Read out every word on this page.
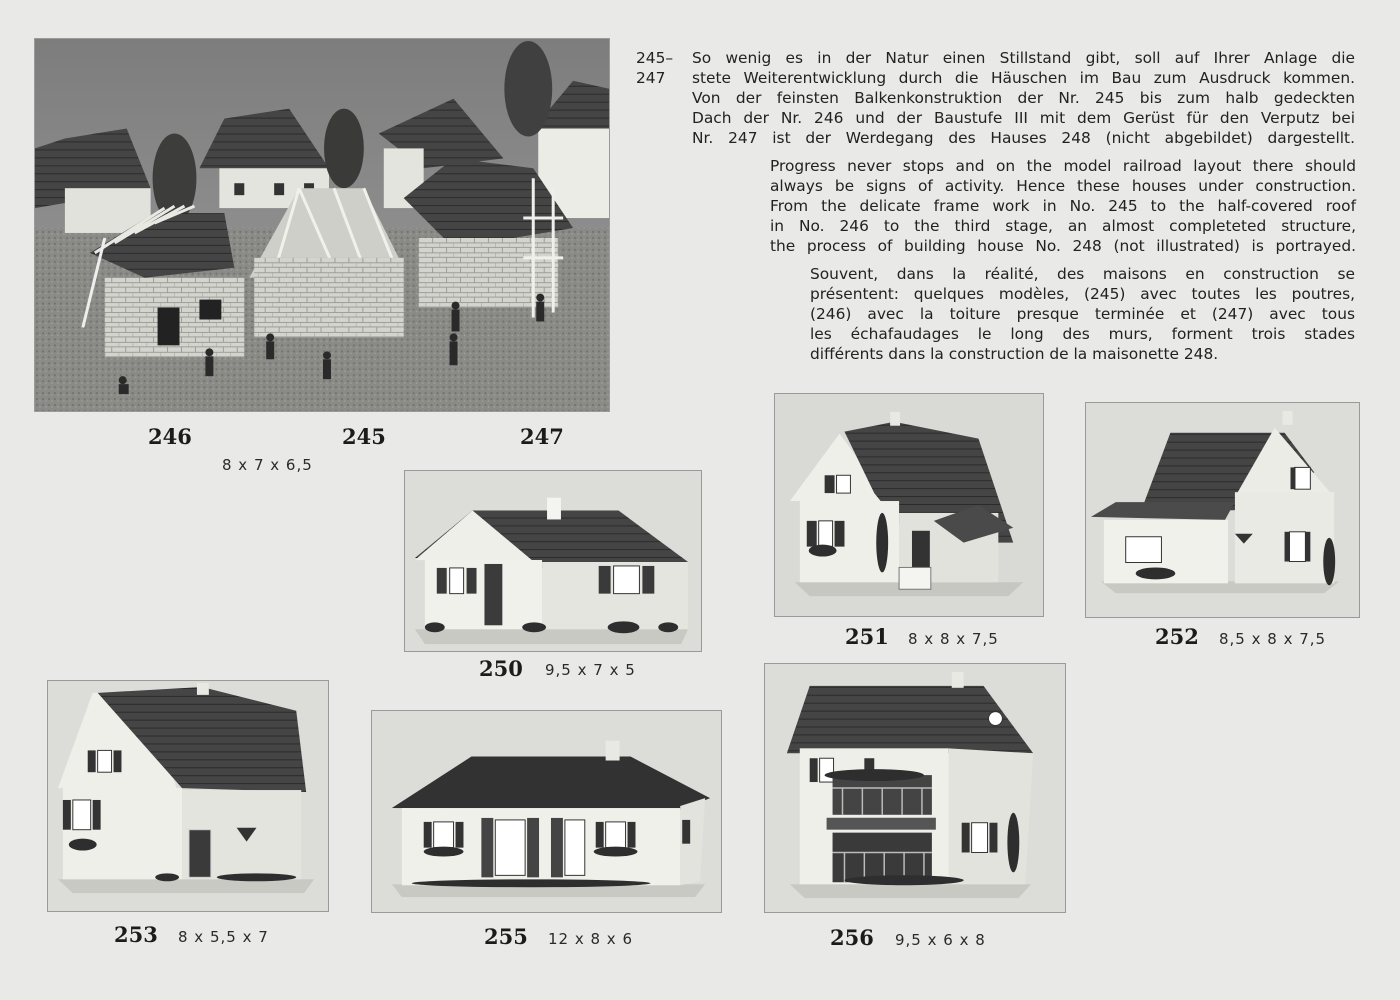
246	245	247
8 x 7 x 6,5
245–
247

So wenig es in der Natur einen Stillstand gibt, soll auf Ihrer Anlage die
stete Weiterentwicklung durch die Häuschen im Bau zum Ausdruck kommen.
Von der feinsten Balkenkonstruktion der Nr. 245 bis zum halb gedeckten
Dach der Nr. 246 und der Baustufe III mit dem Gerüst für den Verputz bei
Nr. 247 ist der Werdegang des Hauses 248 (nicht abgebildet) dargestellt.

Progress never stops and on the model railroad layout there should
always be signs of activity. Hence these houses under construction.
From the delicate frame work in No. 245 to the half-covered roof
in No. 246 to the third stage, an almost completeted structure,
the process of building house No. 248 (not illustrated) is portrayed.

Souvent, dans la réalité, des maisons en construction se
présentent: quelques modèles, (245) avec toutes les poutres,
(246) avec la toiture presque terminée et (247) avec tous
les échafaudages le long des murs, forment trois stades
différents dans la construction de la maisonette 248.

250 9,5 x 7 x 5
251 8 x 8 x 7,5	252 8,5 x 8 x 7,5
253 8 x 5,5 x 7	255 12 x 8 x 6	256 9,5 x 6 x 8
